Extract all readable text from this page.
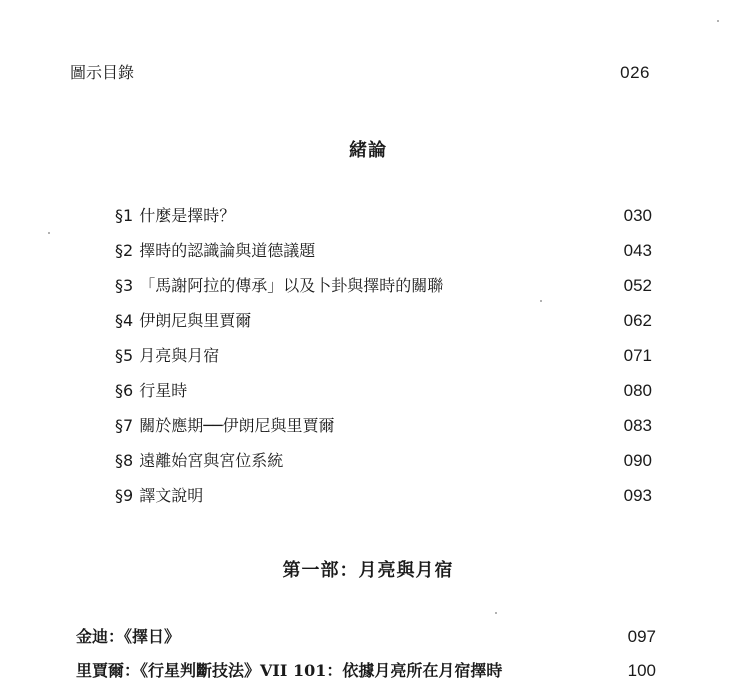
圖示目錄	026
緒論
§1 什麼是擇時？	030
§2 擇時的認識論與道德議題	043
§3 「馬謝阿拉的傳承」以及卜卦與擇時的關聯	052
§4 伊朗尼與里賈爾	062
§5 月亮與月宿	071
§6 行星時	080
§7 關於應期──伊朗尼與里賈爾	083
§8 遠離始宮與宮位系統	090
§9 譯文說明	093
第一部：月亮與月宿
金迪：《擇日》	097
里賈爾：《行星判斷技法》VII 101：依據月亮所在月宿擇時	100
